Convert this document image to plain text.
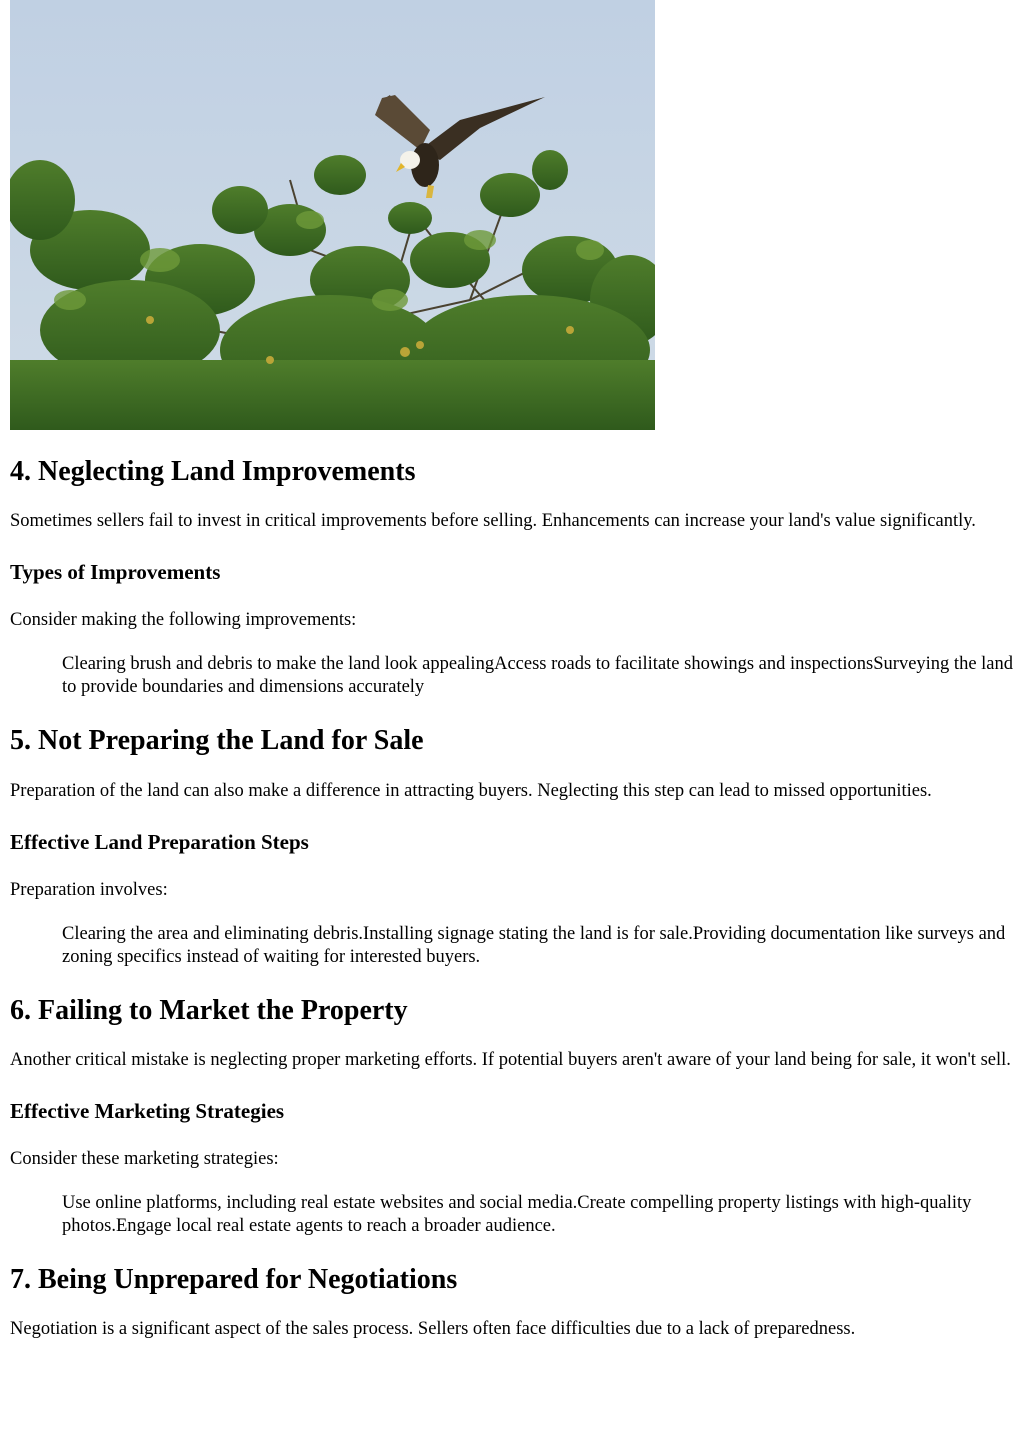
4. Neglecting Land Improvements

Sometimes sellers fail to invest in critical improvements before selling. Enhancements can increase your land's value significantly.

Types of Improvements

Consider making the following improvements:

Clearing brush and debris to make the land look appealingAccess roads to facilitate showings and inspectionsSurveying the land to provide boundaries and dimensions accurately
5. Not Preparing the Land for Sale

Preparation of the land can also make a difference in attracting buyers. Neglecting this step can lead to missed opportunities.

Effective Land Preparation Steps

Preparation involves:

Clearing the area and eliminating debris.Installing signage stating the land is for sale.Providing documentation like surveys and zoning specifics instead of waiting for interested buyers.
6. Failing to Market the Property

Another critical mistake is neglecting proper marketing efforts. If potential buyers aren't aware of your land being for sale, it won't sell.

Effective Marketing Strategies

Consider these marketing strategies:

Use online platforms, including real estate websites and social media.Create compelling property listings with high-quality photos.Engage local real estate agents to reach a broader audience.
7. Being Unprepared for Negotiations

Negotiation is a significant aspect of the sales process. Sellers often face difficulties due to a lack of preparedness.
